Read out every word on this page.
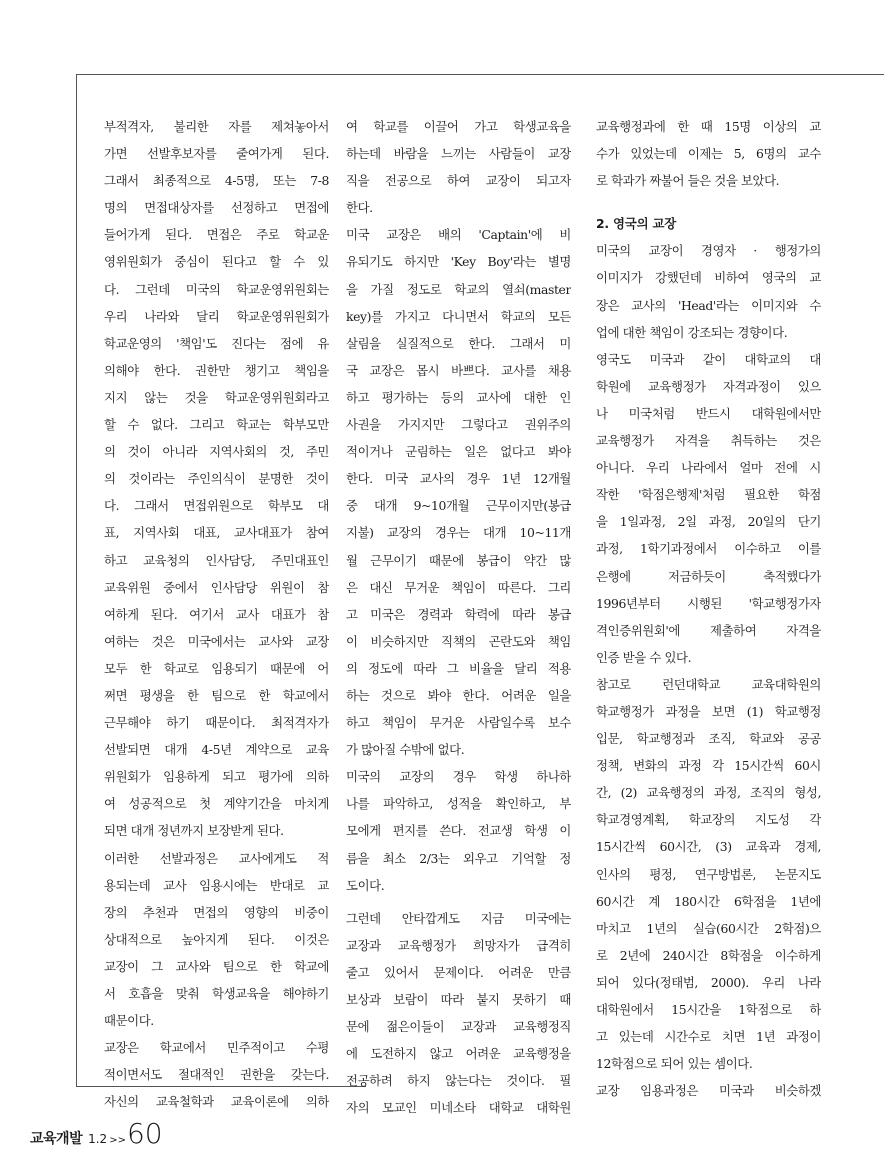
부적격자, 불리한 자를 제쳐놓아서
가면 선발후보자를 줄여가게 된다.
그래서 최종적으로 4-5명, 또는 7-8
명의 면접대상자를 선정하고 면접에
들어가게 된다. 면접은 주로 학교운
영위원회가 중심이 된다고 할 수 있
다. 그런데 미국의 학교운영위원회는
우리 나라와 달리 학교운영위원회가
학교운영의 '책임'도 진다는 점에 유
의해야 한다. 권한만 챙기고 책임을
지지 않는 것을 학교운영위원회라고
할 수 없다. 그리고 학교는 학부모만
의 것이 아니라 지역사회의 것, 주민
의 것이라는 주인의식이 분명한 것이
다. 그래서 면접위원으로 학부모 대
표, 지역사회 대표, 교사대표가 참여
하고 교육청의 인사담당, 주민대표인
교육위원 중에서 인사담당 위원이 참
여하게 된다. 여기서 교사 대표가 참
여하는 것은 미국에서는 교사와 교장
모두 한 학교로 임용되기 때문에 어
쩌면 평생을 한 팀으로 한 학교에서
근무해야 하기 때문이다. 최적격자가
선발되면 대개 4-5년 계약으로 교육
위원회가 임용하게 되고 평가에 의하
여 성공적으로 첫 계약기간을 마치게
되면 대개 정년까지 보장받게 된다.
이러한 선발과정은 교사에게도 적
용되는데 교사 임용시에는 반대로 교
장의 추천과 면접의 영향의 비중이
상대적으로 높아지게 된다. 이것은
교장이 그 교사와 팀으로 한 학교에
서 호흡을 맞춰 학생교육을 해야하기
때문이다.
교장은 학교에서 민주적이고 수평
적이면서도 절대적인 권한을 갖는다.
자신의 교육철학과 교육이론에 의하
여 학교를 이끌어 가고 학생교육을
하는데 바람을 느끼는 사람들이 교장
직을 전공으로 하여 교장이 되고자
한다.
미국 교장은 배의 'Captain'에 비
유되기도 하지만 'Key Boy'라는 별명
을 가질 정도로 학교의 열쇠(master
key)를 가지고 다니면서 학교의 모든
살림을 실질적으로 한다. 그래서 미
국 교장은 몹시 바쁘다. 교사를 채용
하고 평가하는 등의 교사에 대한 인
사권을 가지지만 그렇다고 권위주의
적이거나 군림하는 일은 없다고 봐야
한다. 미국 교사의 경우 1년 12개월
중 대개 9~10개월 근무이지만(봉급
지불) 교장의 경우는 대개 10~11개
월 근무이기 때문에 봉급이 약간 많
은 대신 무거운 책임이 따른다. 그리
고 미국은 경력과 학력에 따라 봉급
이 비슷하지만 직책의 곤란도와 책임
의 정도에 따라 그 비율을 달리 적용
하는 것으로 봐야 한다. 어려운 일을
하고 책임이 무거운 사람일수록 보수
가 많아질 수밖에 없다.
미국의 교장의 경우 학생 하나하
나를 파악하고, 성적을 확인하고, 부
모에게 편지를 쓴다. 전교생 학생 이
름을 최소 2/3는 외우고 기억할 정
도이다.
그런데 안타깝게도 지금 미국에는
교장과 교육행정가 희망자가 급격히
줄고 있어서 문제이다. 어려운 만큼
보상과 보람이 따라 붙지 못하기 때
문에 젊은이들이 교장과 교육행정직
에 도전하지 않고 어려운 교육행정을
전공하려 하지 않는다는 것이다. 필
자의 모교인 미네소타 대학교 대학원
교육행정과에 한 때 15명 이상의 교
수가 있었는데 이제는 5, 6명의 교수
로 학과가 짜불어 들은 것을 보았다.
2. 영국의 교장
미국의 교장이 경영자 · 행정가의
이미지가 강했던데 비하여 영국의 교
장은 교사의 'Head'라는 이미지와 수
업에 대한 책임이 강조되는 경향이다.
영국도 미국과 같이 대학교의 대
학원에 교육행정가 자격과정이 있으
나 미국처럼 반드시 대학원에서만
교육행정가 자격을 취득하는 것은
아니다. 우리 나라에서 얼마 전에 시
작한 '학점은행제'처럼 필요한 학점
을 1일과정, 2일 과정, 20일의 단기
과정, 1학기과정에서 이수하고 이를
은행에 저금하듯이 축적했다가
1996년부터 시행된 '학교행정가자
격인증위원회'에 제출하여 자격을
인증 받을 수 있다.
참고로 런던대학교 교육대학원의
학교행정가 과정을 보면 (1) 학교행정
입문, 학교행정과 조직, 학교와 공공
정책, 변화의 과정 각 15시간씩 60시
간, (2) 교육행정의 과정, 조직의 형성,
학교경영계획, 학교장의 지도성 각
15시간씩 60시간, (3) 교육과 경제,
인사의 평정, 연구방법론, 논문지도
60시간 계 180시간 6학점을 1년에
마치고 1년의 실습(60시간 2학점)으
로 2년에 240시간 8학점을 이수하게
되어 있다(정태범, 2000). 우리 나라
대학원에서 15시간을 1학점으로 하
고 있는데 시간수로 치면 1년 과정이
12학점으로 되어 있는 셈이다.
교장 임용과정은 미국과 비슷하겠
교육개발 1.2 >> 60
